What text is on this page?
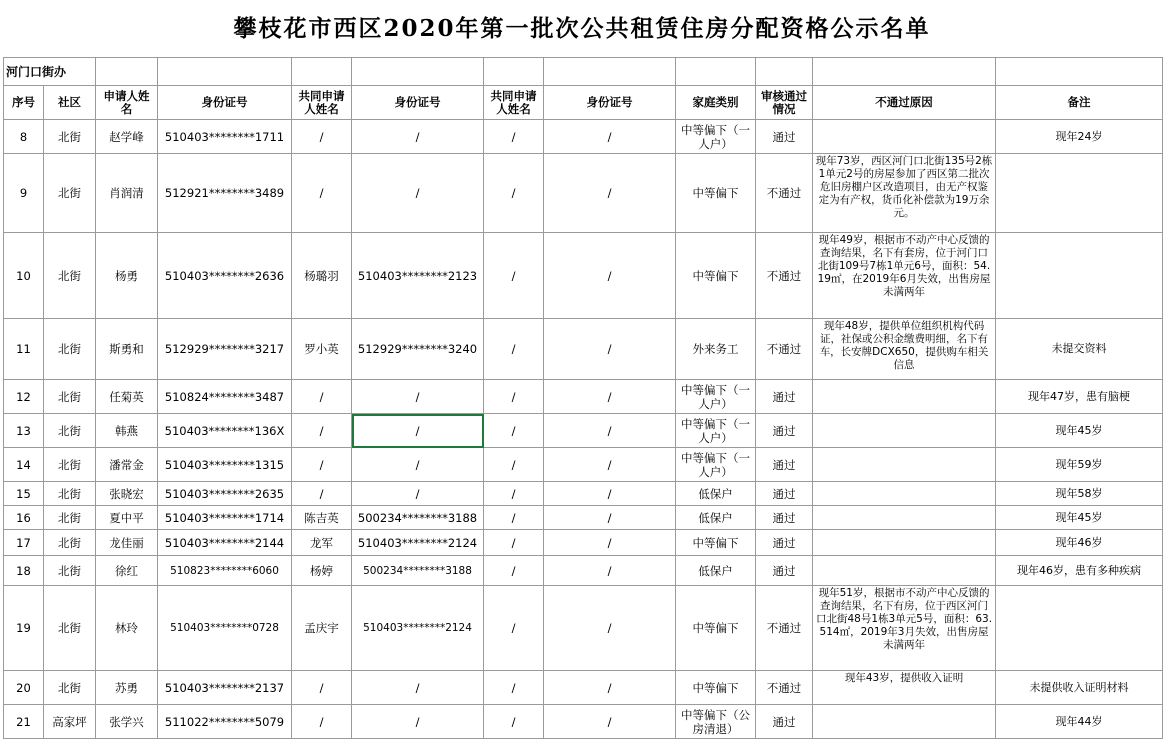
攀枝花市西区2020年第一批次公共租赁住房分配资格公示名单
河门口街办											
序号	社区	申请人姓名	身份证号	共同申请人姓名	身份证号	共同申请人姓名	身份证号	家庭类别	审核通过情况	不通过原因	备注
8	北街	赵学峰	510403********1711	/	/	/	/	中等偏下（一人户）	通过		现年24岁
9	北街	肖润清	512921********3489	/	/	/	/	中等偏下	不通过	现年73岁，西区河门口北街135号2栋1单元2号的房屋参加了西区第二批次危旧房棚户区改造项目，由无产权鉴定为有产权，货币化补偿款为19万余元。	
10	北街	杨勇	510403********2636	杨璐羽	510403********2123	/	/	中等偏下	不通过	现年49岁，根据市不动产中心反馈的查询结果，名下有套房，位于河门口北街109号7栋1单元6号，面积：54.19㎡，在2019年6月失效，出售房屋未满两年	
11	北街	斯勇和	512929********3217	罗小英	512929********3240	/	/	外来务工	不通过	现年48岁，提供单位组织机构代码证，社保或公积金缴费明细，名下有车，长安牌DCX650，提供购车相关信息	未提交资料
12	北街	任菊英	510824********3487	/	/	/	/	中等偏下（一人户）	通过		现年47岁，患有脑梗
13	北街	韩燕	510403********136X	/	/	/	/	中等偏下（一人户）	通过		现年45岁
14	北街	潘常金	510403********1315	/	/	/	/	中等偏下（一人户）	通过		现年59岁
15	北街	张晓宏	510403********2635	/	/	/	/	低保户	通过		现年58岁
16	北街	夏中平	510403********1714	陈吉英	500234********3188	/	/	低保户	通过		现年45岁
17	北街	龙佳丽	510403********2144	龙军	510403********2124	/	/	中等偏下	通过		现年46岁
18	北街	徐红	510823********6060	杨婷	500234********3188	/	/	低保户	通过		现年46岁，患有多种疾病
19	北街	林玲	510403********0728	孟庆宇	510403********2124	/	/	中等偏下	不通过	现年51岁，根据市不动产中心反馈的查询结果，名下有房，位于西区河门口北街48号1栋3单元5号，面积：63.514㎡，2019年3月失效，出售房屋未满两年	
20	北街	苏勇	510403********2137	/	/	/	/	中等偏下	不通过	现年43岁，提供收入证明	未提供收入证明材料
21	高家坪	张学兴	511022********5079	/	/	/	/	中等偏下（公房清退）	通过		现年44岁
